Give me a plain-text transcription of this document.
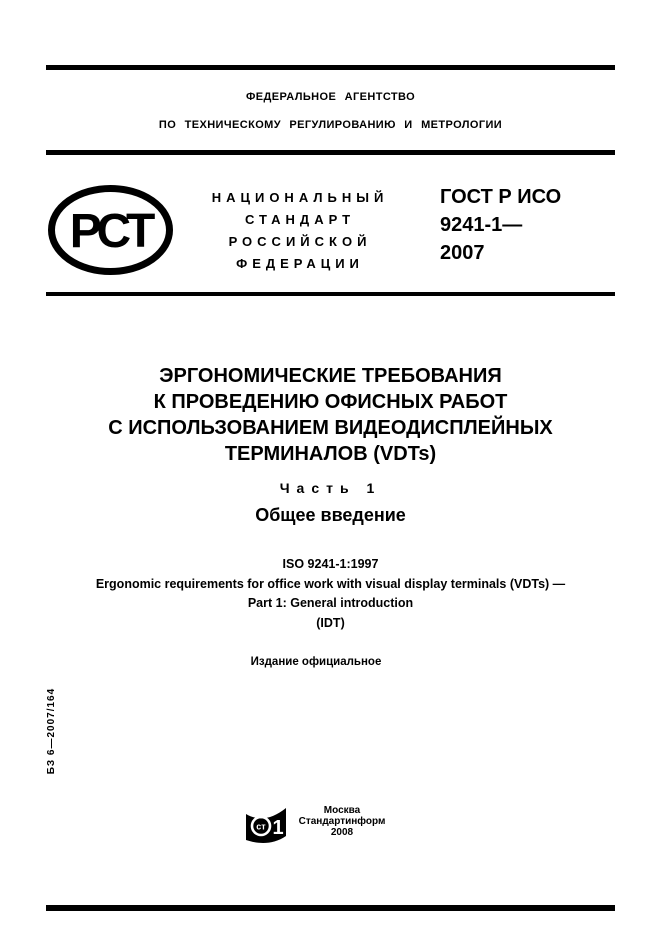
ФЕДЕРАЛЬНОЕ АГЕНТСТВО
ПО ТЕХНИЧЕСКОМУ РЕГУЛИРОВАНИЮ И МЕТРОЛОГИИ
РСТ
НАЦИОНАЛЬНЫЙ
СТАНДАРТ
РОССИЙСКОЙ
ФЕДЕРАЦИИ
ГОСТ Р ИСО
9241-1—
2007
ЭРГОНОМИЧЕСКИЕ ТРЕБОВАНИЯ
К ПРОВЕДЕНИЮ ОФИСНЫХ РАБОТ
С ИСПОЛЬЗОВАНИЕМ ВИДЕОДИСПЛЕЙНЫХ
ТЕРМИНАЛОВ (VDTs)
Часть 1
Общее введение
ISO 9241-1:1997
Ergonomic requirements for office work with visual display terminals (VDTs) —
Part 1: General introduction
(IDT)
Издание официальное
БЗ 6—2007/164
ст 1
Москва
Стандартинформ
2008
